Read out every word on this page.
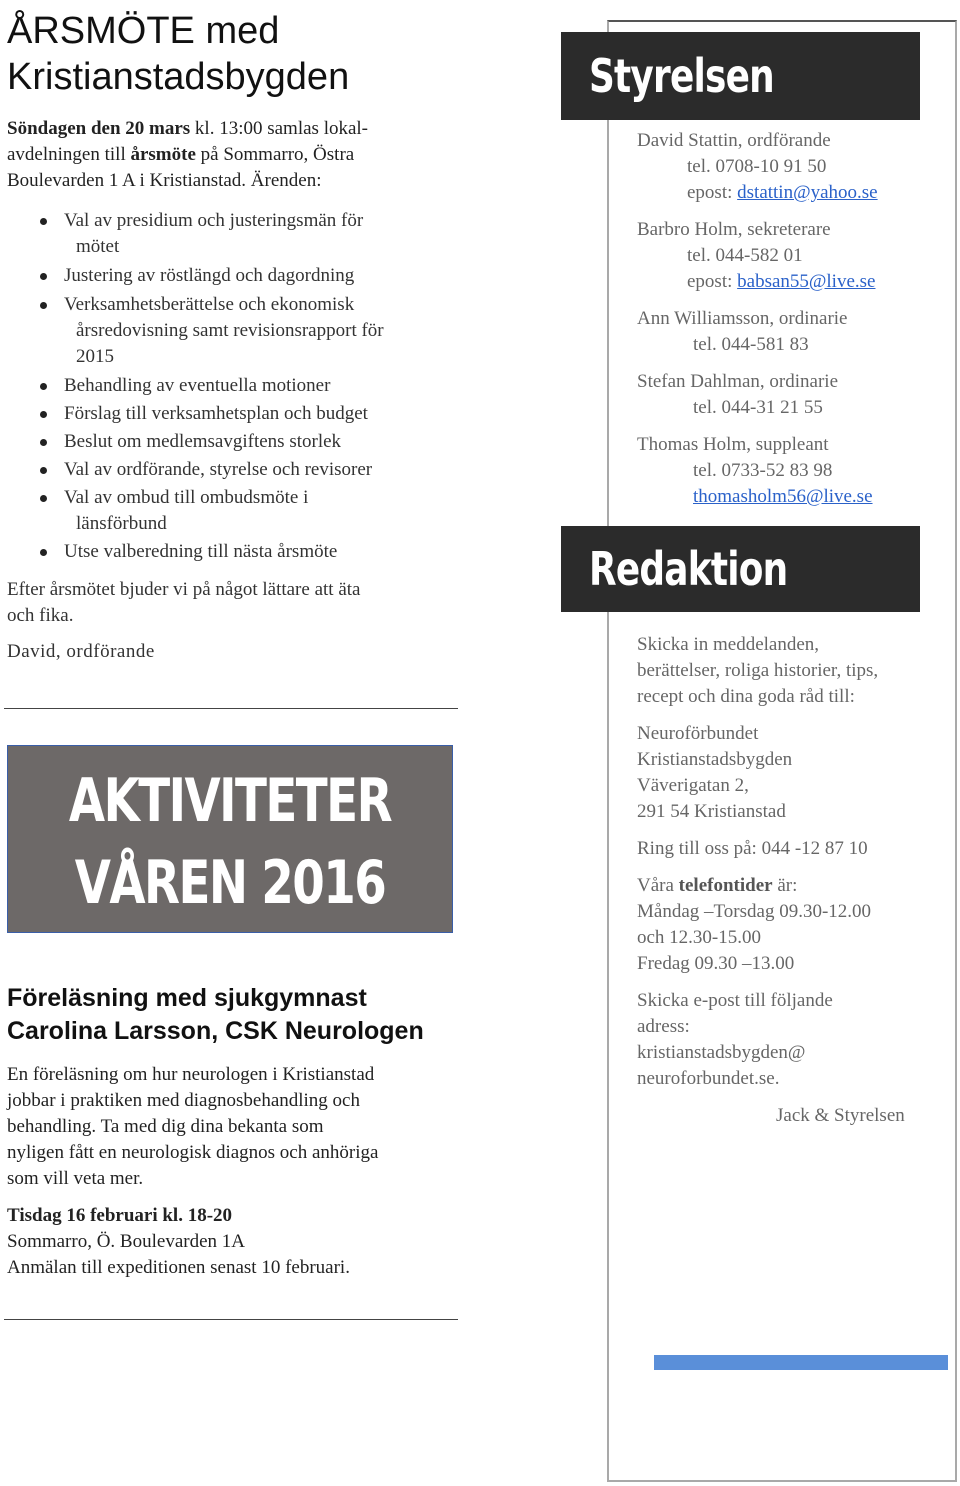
ÅRSMÖTE med
Kristianstadsbygden
Söndagen den 20 mars kl. 13:00 samlas lokal-
avdelningen till årsmöte på Sommarro, Östra
Boulevarden 1 A i Kristianstad. Ärenden:
Val av presidium och justeringsmän för
mötet
Justering av röstlängd och dagordning
Verksamhetsberättelse och ekonomisk
årsredovisning samt revisionsrapport för
2015
Behandling av eventuella motioner
Förslag till verksamhetsplan och budget
Beslut om medlemsavgiftens storlek
Val av ordförande, styrelse och revisorer
Val av ombud till ombudsmöte i
länsförbund
Utse valberedning till nästa årsmöte
Efter årsmötet bjuder vi på något lättare att äta
och fika.
David, ordförande
AKTIVITETER
VÅREN 2016
Föreläsning med sjukgymnast
Carolina Larsson, CSK Neurologen
En föreläsning om hur neurologen i Kristianstad
jobbar i praktiken med diagnosbehandling och
behandling. Ta med dig dina bekanta som
nyligen fått en neurologisk diagnos och anhöriga
som vill veta mer.
Tisdag 16 februari kl. 18-20
Sommarro, Ö. Boulevarden 1A
Anmälan till expeditionen senast 10 februari.
Styrelsen
David Stattin, ordförande
tel. 0708-10 91 50
epost: dstattin@yahoo.se
Barbro Holm, sekreterare
tel. 044-582 01
epost: babsan55@live.se
Ann Williamsson, ordinarie
tel. 044-581 83
Stefan Dahlman, ordinarie
tel. 044-31 21 55
Thomas Holm, suppleant
tel. 0733-52 83 98
thomasholm56@live.se
Redaktion

Skicka in meddelanden,
berättelser, roliga historier, tips,
recept och dina goda råd till:

Neuroförbundet
Kristianstadsbygden
Väverigatan 2,
291 54 Kristianstad

Ring till oss på: 044 -12 87 10

Våra telefontider är:
Måndag –Torsdag 09.30-12.00
och 12.30-15.00
Fredag 09.30 –13.00

Skicka e-post till följande
adress:
kristianstadsbygden@
neuroforbundet.se.

Jack & Styrelsen
